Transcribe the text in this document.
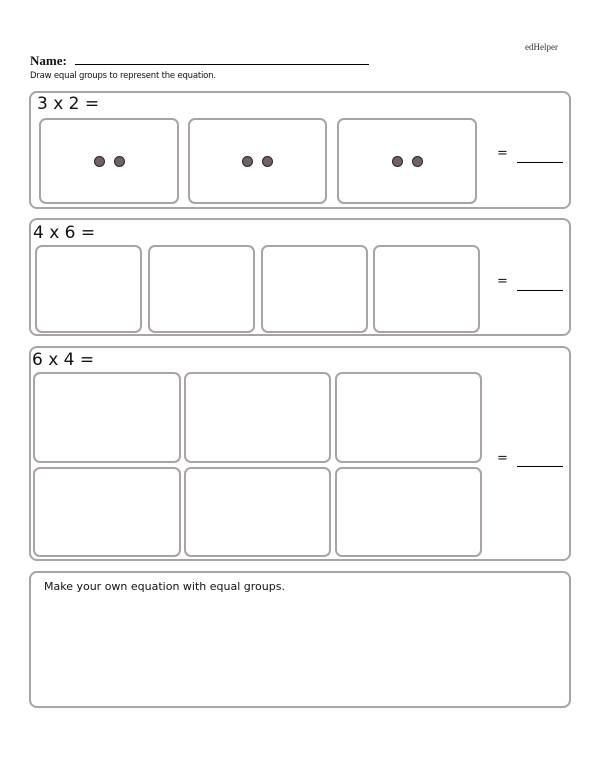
edHelper
Name:
Draw equal groups to represent the equation.
3 x 2 =
=
4 x 6 =
=
6 x 4 =
=
Make your own equation with equal groups.
